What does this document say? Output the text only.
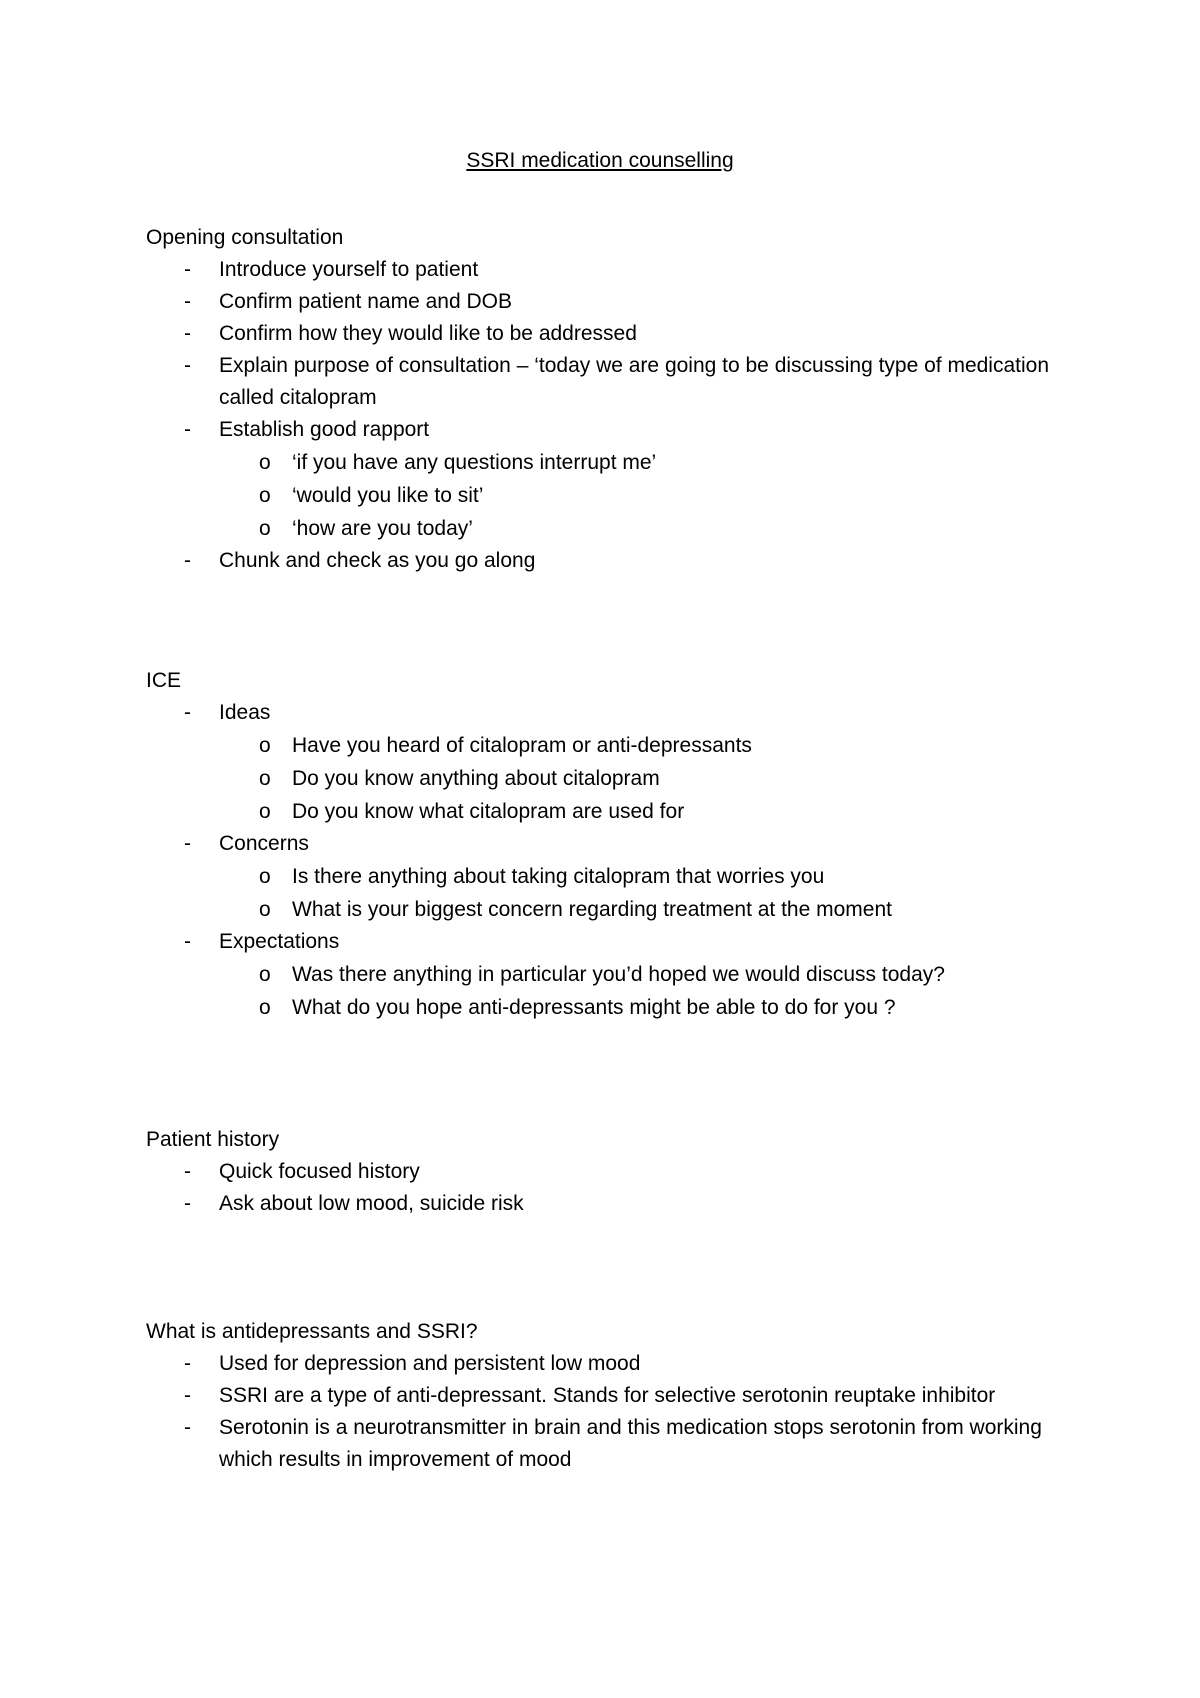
SSRI medication counselling
Opening consultation
-	Introduce yourself to patient
-	Confirm patient name and DOB
-	Confirm how they would like to be addressed
-	Explain purpose of consultation – ‘today we are going to be discussing type of medication called citalopram
-	Establish good rapport
o	‘if you have any questions interrupt me’
o	‘would you like to sit’
o	‘how are you today’
-	Chunk and check as you go along
ICE
-	Ideas
o	Have you heard of citalopram or anti-depressants
o	Do you know anything about citalopram
o	Do you know what citalopram are used for
-	Concerns
o	Is there anything about taking citalopram that worries you
o	What is your biggest concern regarding treatment at the moment
-	Expectations
o	Was there anything in particular you’d hoped we would discuss today?
o	What do you hope anti-depressants might be able to do for you ?
Patient history
-	Quick focused history
-	Ask about low mood, suicide risk
What is antidepressants and SSRI?
-	Used for depression and persistent low mood
-	SSRI are a type of anti-depressant. Stands for selective serotonin reuptake inhibitor
-	Serotonin is a neurotransmitter in brain and this medication stops serotonin from working which results in improvement of mood
